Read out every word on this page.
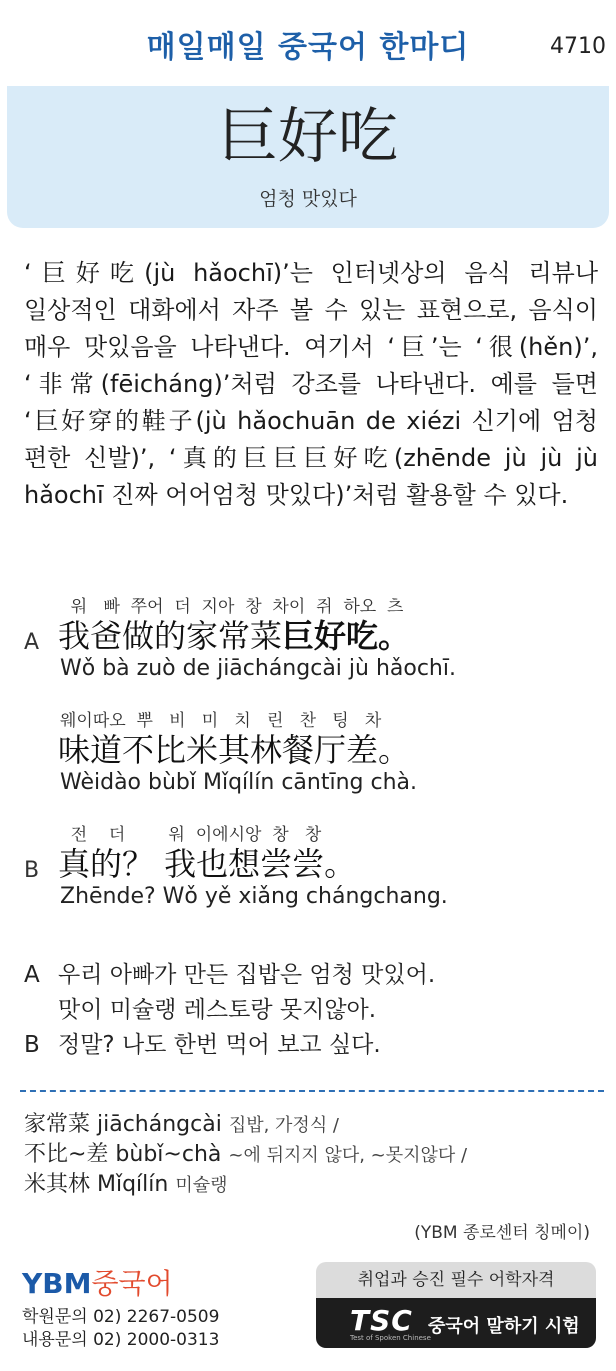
매일매일 중국어 한마디	4710
巨好吃
엄청 맛있다
‘巨好吃(jù hǎochī)’는 인터넷상의 음식 리뷰나 일상적인 대화에서 자주 볼 수 있는 표현으로, 음식이 매우 맛있음을 나타낸다. 여기서 ‘巨’는 ‘很(hěn)’, ‘非常(fēicháng)’처럼 강조를 나타낸다. 예를 들면 ‘巨好穿的鞋子(jù hǎochuān de xiézi 신기에 엄청 편한 신발)’, ‘真的巨巨巨好吃(zhēnde jù jù jù hǎochī 진짜 어어엄청 맛있다)’처럼 활용할 수 있다.
워   빠  쭈어  더  지아  창  차이  쥐  하오  츠
A 我爸做的家常菜巨好吃。
Wǒ bà zuò de jiāchángcài jù hǎochī.
웨이따오  뿌   비   미   치   린   찬   팅   차
味道不比米其林餐厅差。
Wèidào bùbǐ Mǐqílín cāntīng chà.
전    더        워  이에시앙  창   창
B 真的？ 我也想尝尝。
Zhēnde? Wǒ yě xiǎng chángchang.
A 우리 아빠가 만든 집밥은 엄청 맛있어.
맛이 미슐랭 레스토랑 못지않아.
B 정말? 나도 한번 먹어 보고 싶다.
家常菜 jiāchángcài 집밥, 가정식 /
不比~差 bùbǐ~chà ~에 뒤지지 않다, ~못지않다 /
米其林 Mǐqílín 미슐랭
(YBM 종로센터 칭메이)
YBM중국어
학원문의 02) 2267-0509
내용문의 02) 2000-0313
취업과 승진 필수 어학자격
TSC
Test of Spoken Chinese
중국어 말하기 시험
